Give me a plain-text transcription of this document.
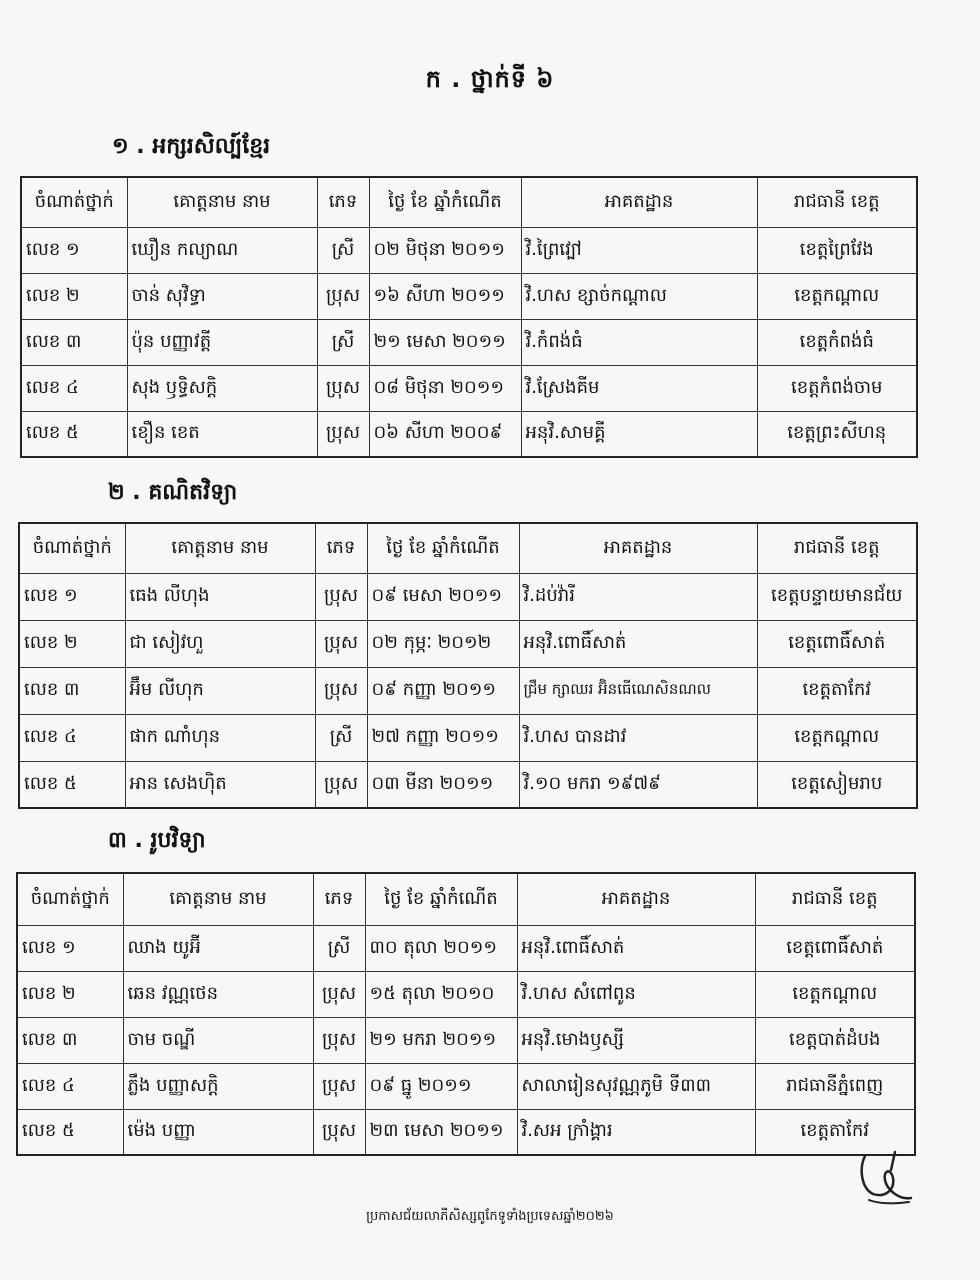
ក . ថ្នាក់ទី ៦
១ . អក្សរសិល្ប៍ខ្មែរ
ចំណាត់ថ្នាក់	គោត្តនាម នាម	ភេទ	ថ្ងៃ ខែ ឆ្នាំកំណើត	អាគតដ្ឋាន	រាជធានី ខេត្ត
លេខ ១	ឃឿន កល្យាណ	ស្រី	០២ មិថុនា ២០១១	វិ.ព្រៃវ្បៅ	ខេត្តព្រៃវែង
លេខ ២	ចាន់ សុវិទ្ធា	ប្រុស	១៦ សីហា ២០១១	វិ.ហស ខ្សាច់កណ្តាល	ខេត្តកណ្តាល
លេខ ៣	ប៉ុន បញ្ញាវត្តី	ស្រី	២១ មេសា ២០១១	វិ.កំពង់ធំ	ខេត្តកំពង់ធំ
លេខ ៤	សុង ឫទ្ធិសក្តិ	ប្រុស	០៨ មិថុនា ២០១១	វិ.ស្រែងគីម	ខេត្តកំពង់ចាម
លេខ ៥	ខឿន ខេត	ប្រុស	០៦ សីហា ២០០៩	អនុវិ.សាមគ្គី	ខេត្តព្រះសីហនុ
២ . គណិតវិទ្យា
ចំណាត់ថ្នាក់	គោត្តនាម នាម	ភេទ	ថ្ងៃ ខែ ឆ្នាំកំណើត	អាគតដ្ឋាន	រាជធានី ខេត្ត
លេខ ១	ធេង លីហុង	ប្រុស	០៩ មេសា ២០១១	វិ.ដប់វ៉ារី	ខេត្តបន្ទាយមានជ័យ
លេខ ២	ជា សៀវហួ	ប្រុស	០២ កុម្ភៈ ២០១២	អនុវិ.ពោធិ៍សាត់	ខេត្តពោធិ៍សាត់
លេខ ៣	អ៊ឹម លីហុក	ប្រុស	០៩ កញ្ញា ២០១១	ជ្រឹម ក្សាឈរ អ៊ិនធើណេសិនណល	ខេត្តតាកែវ
លេខ ៤	ផាក ណាំហុន	ស្រី	២៧ កញ្ញា ២០១១	វិ.ហស បានដាវ	ខេត្តកណ្តាល
លេខ ៥	អាន សេងហ៊ិត	ប្រុស	០៣ មីនា ២០១១	វិ.១០ មករា ១៩៧៩	ខេត្តសៀមរាប
៣ . រូបវិទ្យា
ចំណាត់ថ្នាក់	គោត្តនាម នាម	ភេទ	ថ្ងៃ ខែ ឆ្នាំកំណើត	អាគតដ្ឋាន	រាជធានី ខេត្ត
លេខ ១	ឈាង យូអ៊ី	ស្រី	៣០ តុលា ២០១១	អនុវិ.ពោធិ៍សាត់	ខេត្តពោធិ៍សាត់
លេខ ២	ឆេន វណ្ណថេន	ប្រុស	១៥ តុលា ២០១០	វិ.ហស សំពៅពូន	ខេត្តកណ្តាល
លេខ ៣	ចាម ចណ្ឌី	ប្រុស	២១ មករា ២០១១	អនុវិ.មោងឫស្សី	ខេត្តបាត់ដំបង
លេខ ៤	ភ្លឹង បញ្ញាសក្តិ	ប្រុស	០៩ ធ្នូ ២០១១	សាលារៀនសុវណ្ណភូមិ ទី៣៣	រាជធានីភ្នំពេញ
លេខ ៥	ម៉េង បញ្ញា	ប្រុស	២៣ មេសា ២០១១	វិ.សអ ក្រាំង្គារ	ខេត្តតាកែវ
ប្រកាសជ័យលាភីសិស្សពូកែទូទាំងប្រទេសឆ្នាំ២០២៦
